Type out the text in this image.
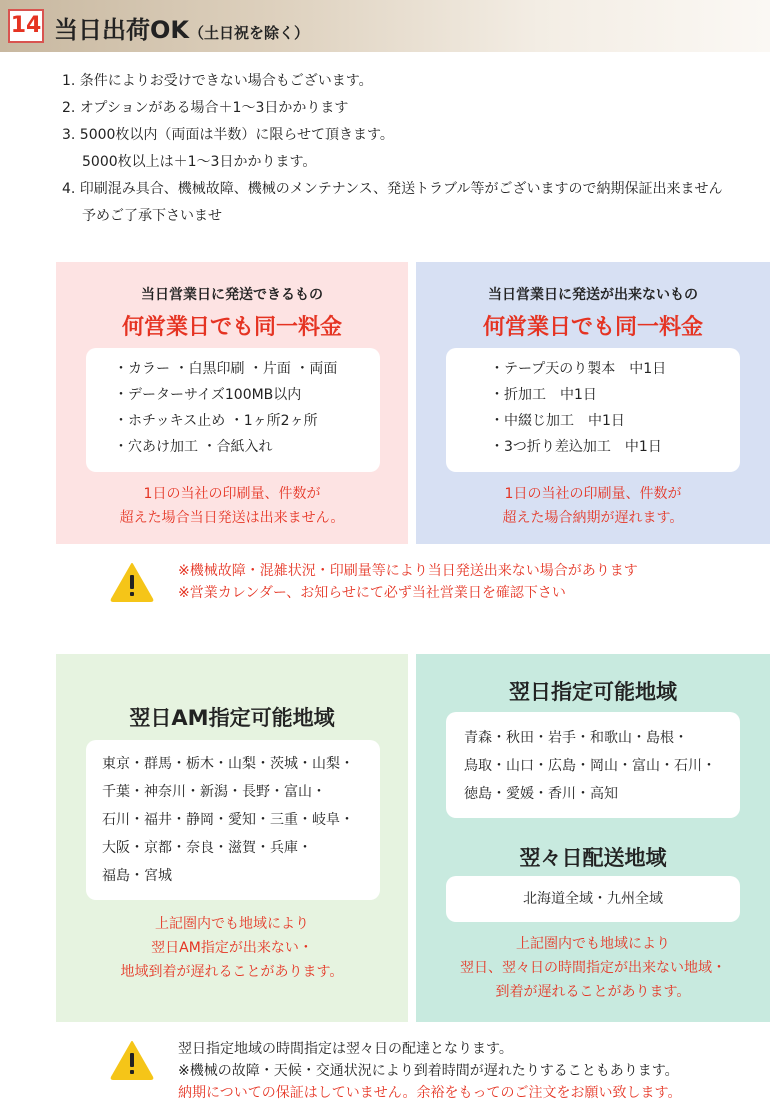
14 当日出荷OK（土日祝を除く）
1. 条件によりお受けできない場合もございます。
2. オプションがある場合＋1～3日かかります
3. 5000枚以内（両面は半数）に限らせて頂きます。
5000枚以上は＋1～3日かかります。
4. 印刷混み具合、機械故障、機械のメンテナンス、発送トラブル等がございますので納期保証出来ません
予めご了承下さいませ
当日営業日に発送できるもの
何営業日でも同一料金
・カラー ・白黒印刷 ・片面 ・両面
・データーサイズ100MB以内
・ホチッキス止め ・1ヶ所2ヶ所
・穴あけ加工 ・合紙入れ
1日の当社の印刷量、件数が
超えた場合当日発送は出来ません。
当日営業日に発送が出来ないもの
何営業日でも同一料金
・テープ天のり製本　中1日
・折加工　中1日
・中綴じ加工　中1日
・3つ折り差込加工　中1日
1日の当社の印刷量、件数が
超えた場合納期が遅れます。
※機械故障・混雑状況・印刷量等により当日発送出来ない場合があります
※営業カレンダー、お知らせにて必ず当社営業日を確認下さい
翌日AM指定可能地域
東京・群馬・栃木・山梨・茨城・山梨・
千葉・神奈川・新潟・長野・富山・
石川・福井・静岡・愛知・三重・岐阜・
大阪・京都・奈良・滋賀・兵庫・
福島・宮城
上記圏内でも地域により
翌日AM指定が出来ない・
地域到着が遅れることがあります。
翌日指定可能地域
青森・秋田・岩手・和歌山・島根・
鳥取・山口・広島・岡山・富山・石川・
徳島・愛媛・香川・高知
翌々日配送地域
北海道全域・九州全域
上記圏内でも地域により
翌日、翌々日の時間指定が出来ない地域・
到着が遅れることがあります。
翌日指定地域の時間指定は翌々日の配達となります。
※機械の故障・天候・交通状況により到着時間が遅れたりすることもあります。
納期についての保証はしていません。余裕をもってのご注文をお願い致します。
